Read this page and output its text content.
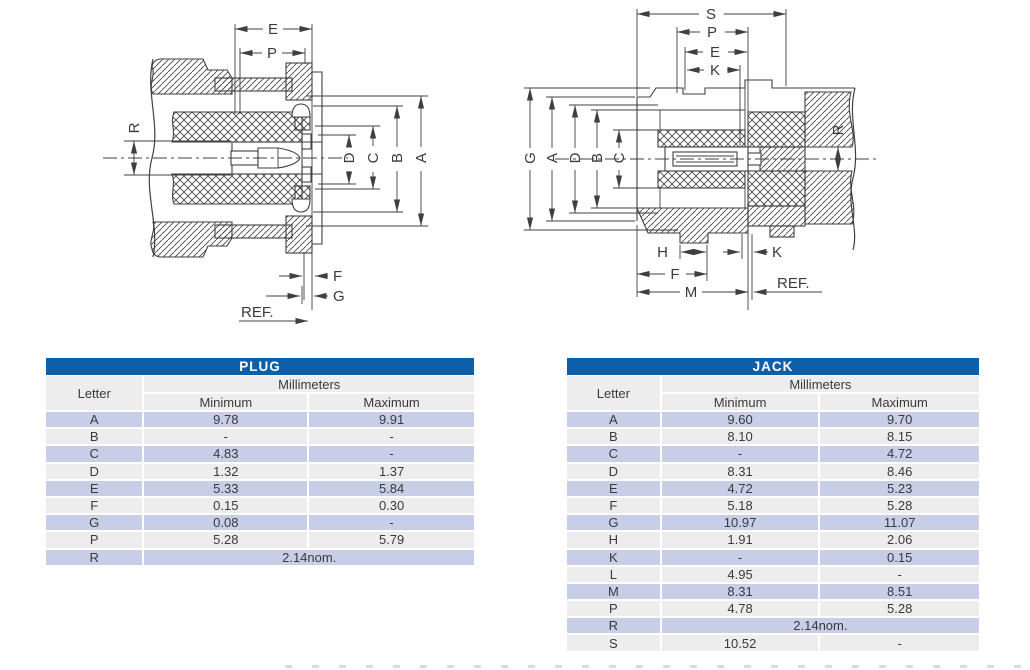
E
P
R
D C B A
F
G
REF.
S
P
E
K
G A D B C
R
H	K
F
M
REF.
PLUG
Letter	Millimeters	
	Minimum	Maximum
A	9.78	9.91
B	-	-
C	4.83	-
D	1.32	1.37
E	5.33	5.84
F	0.15	0.30
G	0.08	-
P	5.28	5.79
R	2.14nom.	
JACK
Letter	Millimeters	
	Minimum	Maximum
A	9.60	9.70
B	8.10	8.15
C	-	4.72
D	8.31	8.46
E	4.72	5.23
F	5.18	5.28
G	10.97	11.07
H	1.91	2.06
K	-	0.15
L	4.95	-
M	8.31	8.51
P	4.78	5.28
R	2.14nom.	
S	10.52	-
